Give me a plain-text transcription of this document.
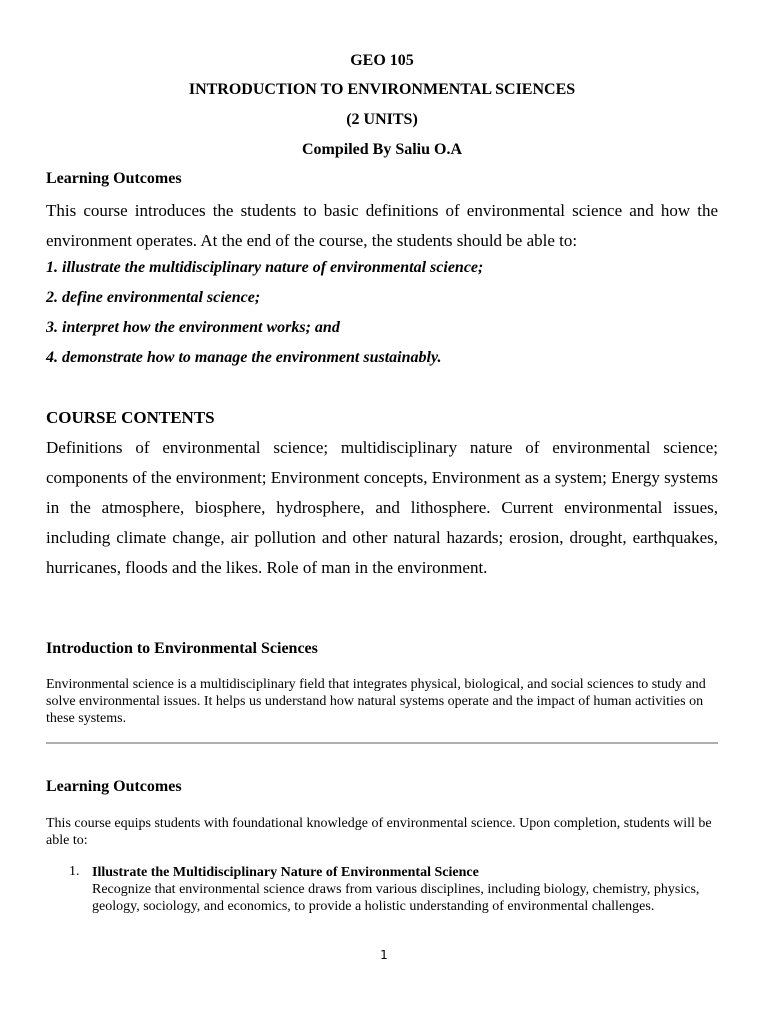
GEO 105
INTRODUCTION TO ENVIRONMENTAL SCIENCES
(2 UNITS)
Compiled By Saliu O.A
Learning Outcomes

This course introduces the students to basic definitions of environmental science and how the environment operates. At the end of the course, the students should be able to:

1. illustrate the multidisciplinary nature of environmental science;
2. define environmental science;
3. interpret how the environment works; and
4. demonstrate how to manage the environment sustainably.
COURSE CONTENTS

Definitions of environmental science; multidisciplinary nature of environmental science; components of the environment; Environment concepts, Environment as a system; Energy systems in the atmosphere, biosphere, hydrosphere, and lithosphere. Current environmental issues, including climate change, air pollution and other natural hazards; erosion, drought, earthquakes, hurricanes, floods and the likes. Role of man in the environment.

Introduction to Environmental Sciences

Environmental science is a multidisciplinary field that integrates physical, biological, and social sciences to study and solve environmental issues. It helps us understand how natural systems operate and the impact of human activities on these systems.

Learning Outcomes

This course equips students with foundational knowledge of environmental science. Upon completion, students will be able to:

1. Illustrate the Multidisciplinary Nature of Environmental Science
Recognize that environmental science draws from various disciplines, including biology, chemistry, physics, geology, sociology, and economics, to provide a holistic understanding of environmental challenges.
1
